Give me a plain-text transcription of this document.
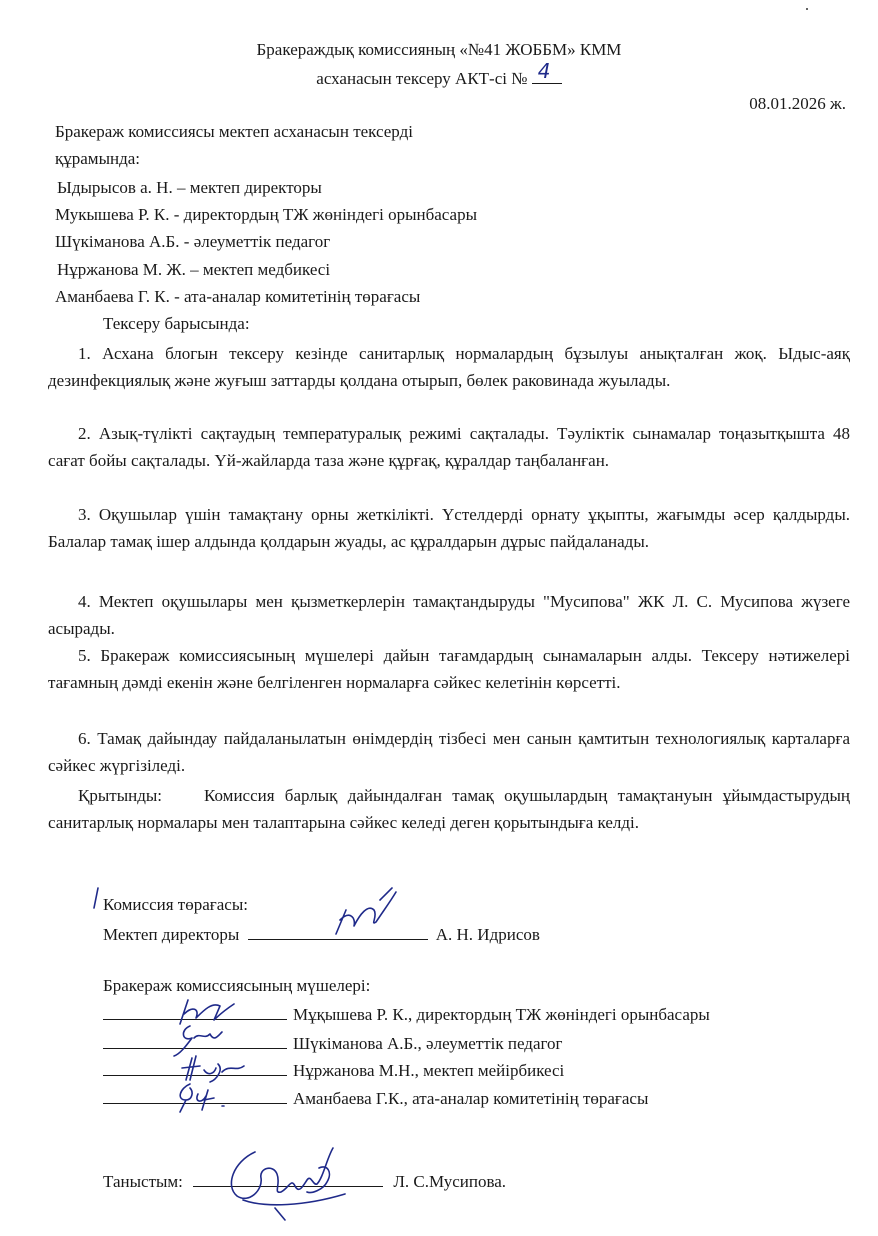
Бракераждық комиссияның «№41 ЖОББМ» КММ
асханасын тексеру АКТ-сі № 4
08.01.2026 ж.
Бракераж комиссиясы мектеп асханасын тексерді
құрамында:
Ыдырысов а. Н. – мектеп директоры
Мукышева Р. К. - директордың ТЖ жөніндегі орынбасары
Шүкіманова А.Б. - әлеуметтік педагог
Нұржанова М. Ж. – мектеп медбикесі
Аманбаева Г. К. - ата-аналар комитетінің төрағасы
Тексеру барысында:
1. Асхана блогын тексеру кезінде санитарлық нормалардың бұзылуы анықталған жоқ. Ыдыс-аяқ дезинфекциялық және жуғыш заттарды қолдана отырып, бөлек раковинада жуылады.
2. Азық-түлікті сақтаудың температуралық режимі сақталады. Тәуліктік сынамалар тоңазытқышта 48 сағат бойы сақталады. Үй-жайларда таза және құрғақ, құралдар таңбаланған.
3. Оқушылар үшін тамақтану орны жеткілікті. Үстелдерді орнату ұқыпты, жағымды әсер қалдырды. Балалар тамақ ішер алдында қолдарын жуады, ас құралдарын дұрыс пайдаланады.
4. Мектеп оқушылары мен қызметкерлерін тамақтандыруды "Мусипова" ЖК Л. С. Мусипова жүзеге асырады.
5. Бракераж комиссиясының мүшелері дайын тағамдардың сынамаларын алды. Тексеру нәтижелері тағамның дәмді екенін және белгіленген нормаларға сәйкес келетінін көрсетті.
6. Тамақ дайындау пайдаланылатын өнімдердің тізбесі мен санын қамтитын технологиялық карталарға сәйкес жүргізіледі.
Қрытынды: Комиссия барлық дайындалған тамақ оқушылардың тамақтануын ұйымдастырудың санитарлық нормалары мен талаптарына сәйкес келеді деген қорытындыға келді.
Комиссия төрағасы:
Мектеп директоры	А. Н. Идрисов
Бракераж комиссиясының мүшелері:
Мұқышева Р. К., директордың ТЖ жөніндегі орынбасары
Шүкіманова А.Б., әлеуметтік педагог
Нұржанова М.Н., мектеп мейірбикесі
Аманбаева Г.К., ата-аналар комитетінің төрағасы
Таныстым:	Л. С.Мусипова.
